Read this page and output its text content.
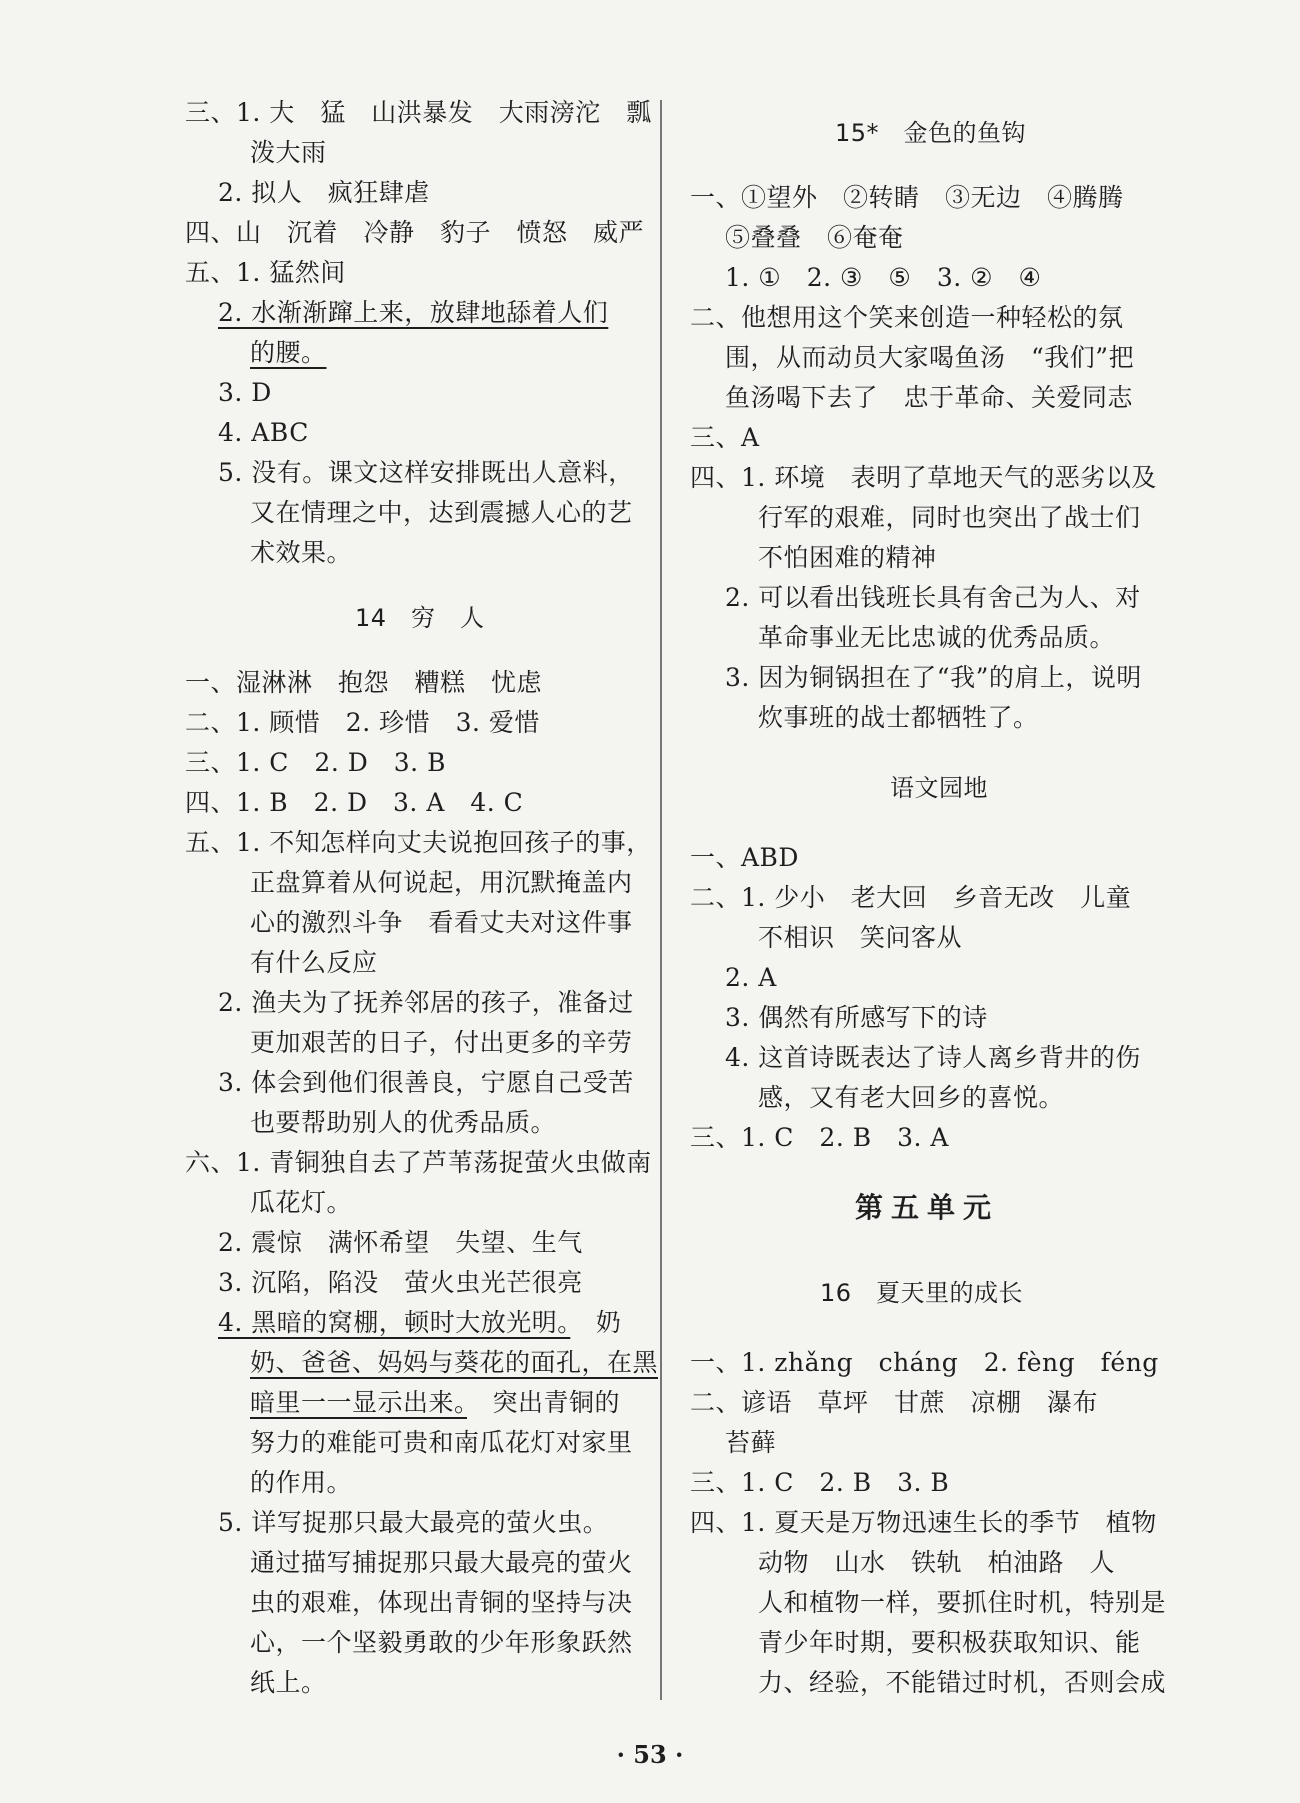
三、1. 大　猛　山洪暴发　大雨滂沱　瓢
泼大雨
2. 拟人　疯狂肆虐
四、山　沉着　冷静　豹子　愤怒　威严
五、1. 猛然间
2. 水渐渐蹿上来，放肆地舔着人们
的腰。
3. D
4. ABC
5. 没有。课文这样安排既出人意料，
又在情理之中，达到震撼人心的艺
术效果。
14　穷　人
一、湿淋淋　抱怨　糟糕　忧虑
二、1. 顾惜　2. 珍惜　3. 爱惜
三、1. C　2. D　3. B
四、1. B　2. D　3. A　4. C
五、1. 不知怎样向丈夫说抱回孩子的事，
正盘算着从何说起，用沉默掩盖内
心的激烈斗争　看看丈夫对这件事
有什么反应
2. 渔夫为了抚养邻居的孩子，准备过
更加艰苦的日子，付出更多的辛劳
3. 体会到他们很善良，宁愿自己受苦
也要帮助别人的优秀品质。
六、1. 青铜独自去了芦苇荡捉萤火虫做南
瓜花灯。
2. 震惊　满怀希望　失望、生气
3. 沉陷，陷没　萤火虫光芒很亮
4. 黑暗的窝棚，顿时大放光明。　奶
奶、爸爸、妈妈与葵花的面孔，在黑
暗里一一显示出来。　突出青铜的
努力的难能可贵和南瓜花灯对家里
的作用。
5. 详写捉那只最大最亮的萤火虫。
通过描写捕捉那只最大最亮的萤火
虫的艰难，体现出青铜的坚持与决
心，一个坚毅勇敢的少年形象跃然
纸上。
15*　金色的鱼钩
一、①望外　②转睛　③无边　④腾腾
⑤叠叠　⑥奄奄
1. ①　2. ③　⑤　3. ②　④
二、他想用这个笑来创造一种轻松的氛
围，从而动员大家喝鱼汤　“我们”把
鱼汤喝下去了　忠于革命、关爱同志
三、A
四、1. 环境　表明了草地天气的恶劣以及
行军的艰难，同时也突出了战士们
不怕困难的精神
2. 可以看出钱班长具有舍己为人、对
革命事业无比忠诚的优秀品质。
3. 因为铜锅担在了“我”的肩上，说明
炊事班的战士都牺牲了。
语文园地
一、ABD
二、1. 少小　老大回　乡音无改　儿童
不相识　笑问客从
2. A
3. 偶然有所感写下的诗
4. 这首诗既表达了诗人离乡背井的伤
感，又有老大回乡的喜悦。
三、1. C　2. B　3. A
第五单元
16　夏天里的成长
一、1. zhǎng　cháng　2. fèng　féng
二、谚语　草坪　甘蔗　凉棚　瀑布
苔藓
三、1. C　2. B　3. B
四、1. 夏天是万物迅速生长的季节　植物
动物　山水　铁轨　柏油路　人
人和植物一样，要抓住时机，特别是
青少年时期，要积极获取知识、能
力、经验，不能错过时机，否则会成
· 53 ·
